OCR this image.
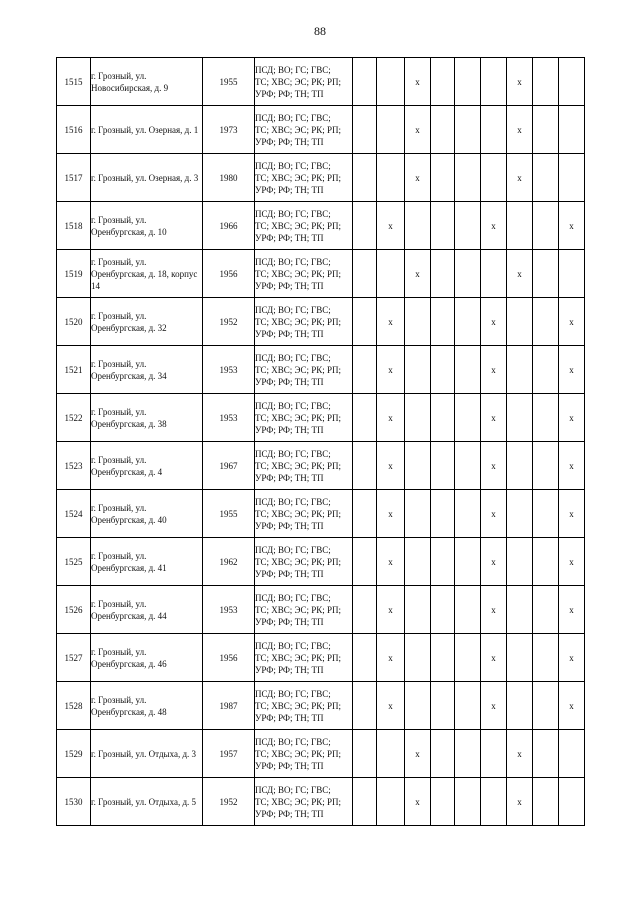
88
1515	г. Грозный, ул. Новосибирская, д. 9	1955	ПСД; ВО; ГС; ГВС;
ТС; ХВС; ЭС; РК; РП;
УРФ; РФ; ТН; ТП			x				x		
1516	г. Грозный, ул. Озерная, д. 1	1973	ПСД; ВО; ГС; ГВС;
ТС; ХВС; ЭС; РК; РП;
УРФ; РФ; ТН; ТП			x				x		
1517	г. Грозный, ул. Озерная, д. 3	1980	ПСД; ВО; ГС; ГВС;
ТС; ХВС; ЭС; РК; РП;
УРФ; РФ; ТН; ТП			x				x		
1518	г. Грозный, ул. Оренбургская, д. 10	1966	ПСД; ВО; ГС; ГВС;
ТС; ХВС; ЭС; РК; РП;
УРФ; РФ; ТН; ТП		x				x			x
1519	г. Грозный, ул. Оренбургская, д. 18, корпус 14	1956	ПСД; ВО; ГС; ГВС;
ТС; ХВС; ЭС; РК; РП;
УРФ; РФ; ТН; ТП			x				x		
1520	г. Грозный, ул. Оренбургская, д. 32	1952	ПСД; ВО; ГС; ГВС;
ТС; ХВС; ЭС; РК; РП;
УРФ; РФ; ТН; ТП		x				x			x
1521	г. Грозный, ул. Оренбургская, д. 34	1953	ПСД; ВО; ГС; ГВС;
ТС; ХВС; ЭС; РК; РП;
УРФ; РФ; ТН; ТП		x				x			x
1522	г. Грозный, ул. Оренбургская, д. 38	1953	ПСД; ВО; ГС; ГВС;
ТС; ХВС; ЭС; РК; РП;
УРФ; РФ; ТН; ТП		x				x			x
1523	г. Грозный, ул. Оренбургская, д. 4	1967	ПСД; ВО; ГС; ГВС;
ТС; ХВС; ЭС; РК; РП;
УРФ; РФ; ТН; ТП		x				x			x
1524	г. Грозный, ул. Оренбургская, д. 40	1955	ПСД; ВО; ГС; ГВС;
ТС; ХВС; ЭС; РК; РП;
УРФ; РФ; ТН; ТП		x				x			x
1525	г. Грозный, ул. Оренбургская, д. 41	1962	ПСД; ВО; ГС; ГВС;
ТС; ХВС; ЭС; РК; РП;
УРФ; РФ; ТН; ТП		x				x			x
1526	г. Грозный, ул. Оренбургская, д. 44	1953	ПСД; ВО; ГС; ГВС;
ТС; ХВС; ЭС; РК; РП;
УРФ; РФ; ТН; ТП		x				x			x
1527	г. Грозный, ул. Оренбургская, д. 46	1956	ПСД; ВО; ГС; ГВС;
ТС; ХВС; ЭС; РК; РП;
УРФ; РФ; ТН; ТП		x				x			x
1528	г. Грозный, ул. Оренбургская, д. 48	1987	ПСД; ВО; ГС; ГВС;
ТС; ХВС; ЭС; РК; РП;
УРФ; РФ; ТН; ТП		x				x			x
1529	г. Грозный, ул. Отдыха, д. 3	1957	ПСД; ВО; ГС; ГВС;
ТС; ХВС; ЭС; РК; РП;
УРФ; РФ; ТН; ТП			x				x		
1530	г. Грозный, ул. Отдыха, д. 5	1952	ПСД; ВО; ГС; ГВС;
ТС; ХВС; ЭС; РК; РП;
УРФ; РФ; ТН; ТП			x				x		
